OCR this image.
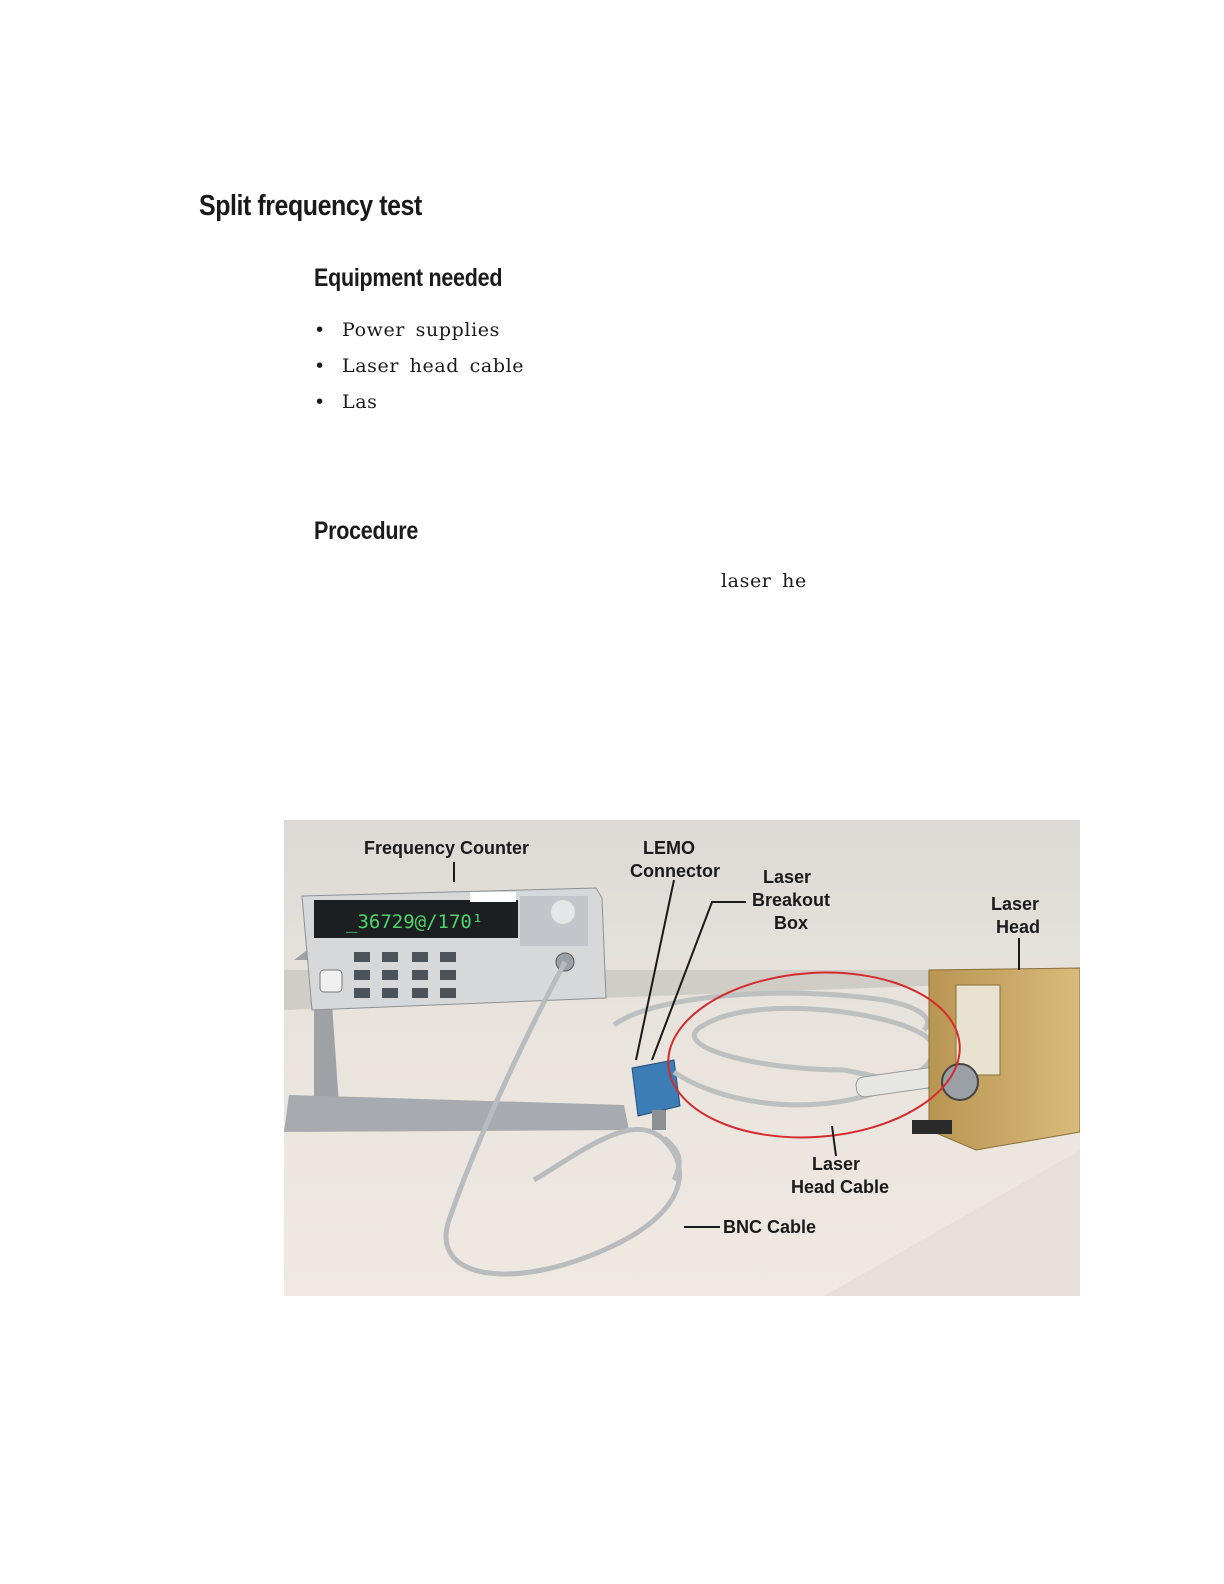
Split frequency test
Equipment needed
• Power supplies
• Laser head cable
• Las
Procedure

laser he

_36729@/170¹
Frequency Counter	LEMO
Connector Laser
Breakout
Box
Laser
Head
Laser
Head Cable
BNC Cable
